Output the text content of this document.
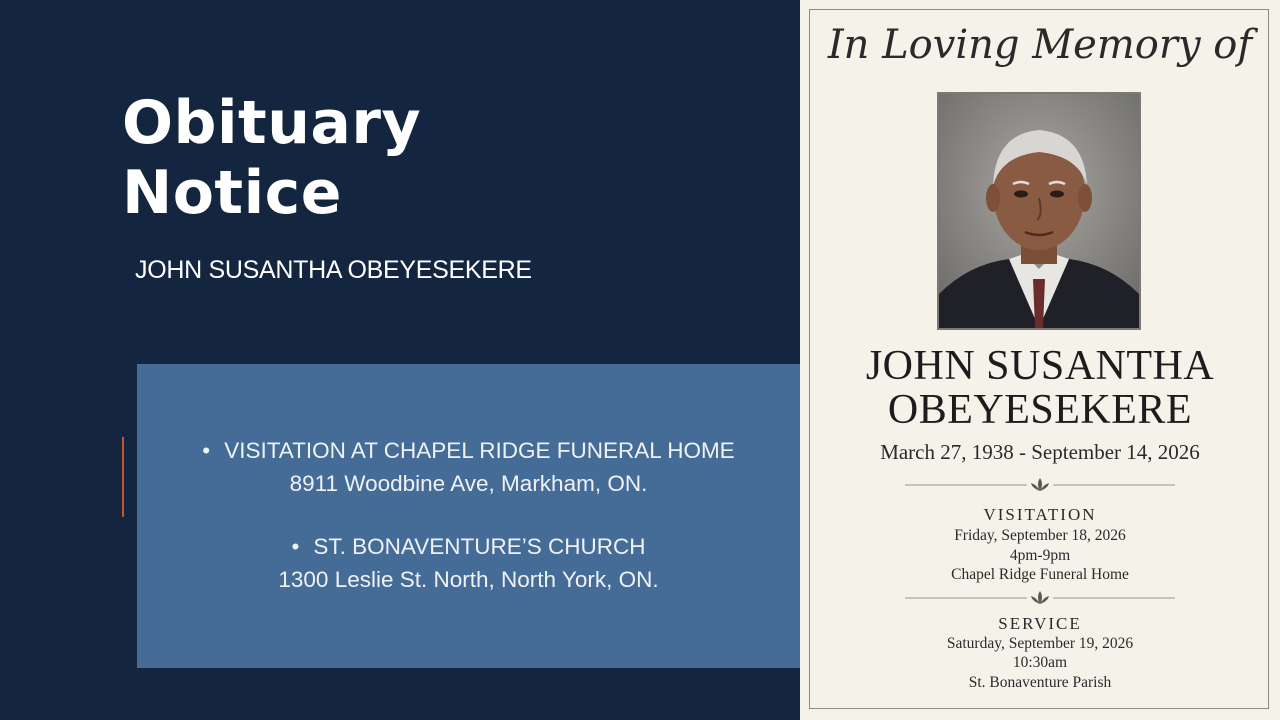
Obituary
Notice
JOHN SUSANTHA OBEYESEKERE
• VISITATION AT CHAPEL RIDGE FUNERAL HOME
8911 Woodbine Ave, Markham, ON.
• ST. BONAVENTURE’S CHURCH
1300 Leslie St. North, North York, ON.
In Loving Memory of
JOHN SUSANTHA
OBEYESEKERE
March 27, 1938 - September 14, 2026
VISITATION
Friday, September 18, 2026
4pm-9pm
Chapel Ridge Funeral Home
SERVICE
Saturday, September 19, 2026
10:30am
St. Bonaventure Parish
